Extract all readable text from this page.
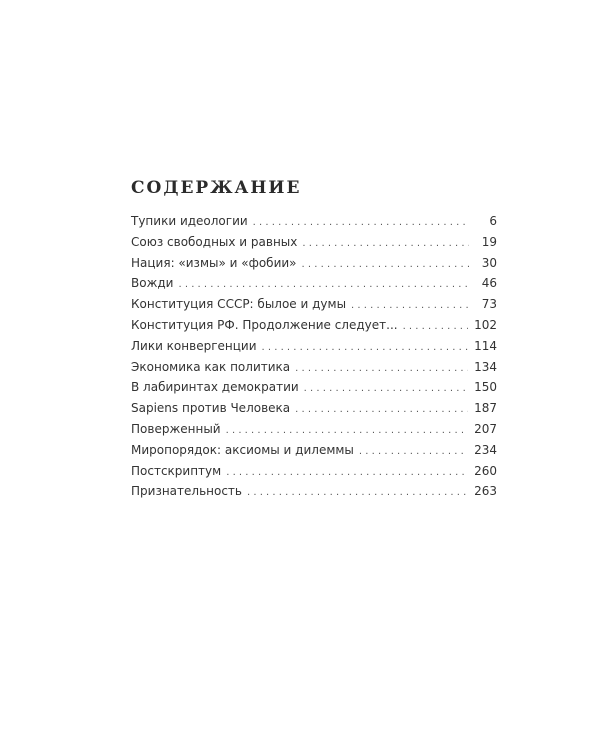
СОДЕРЖАНИЕ
Тупики идеологии . . .	6
Союз свободных и равных . . .	19
Нация: «измы» и «фобии» . . .	30
Вожди . . .	46
Конституция СССР: былое и думы . . .	73
Конституция РФ. Продолжение следует... . . .	102
Лики конвергенции . . .	114
Экономика как политика . . .	134
В лабиринтах демократии . . .	150
Sapiens против Человека . . .	187
Поверженный . . .	207
Миропорядок: аксиомы и дилеммы . . .	234
Постскриптум . . .	260
Признательность . . .	263
